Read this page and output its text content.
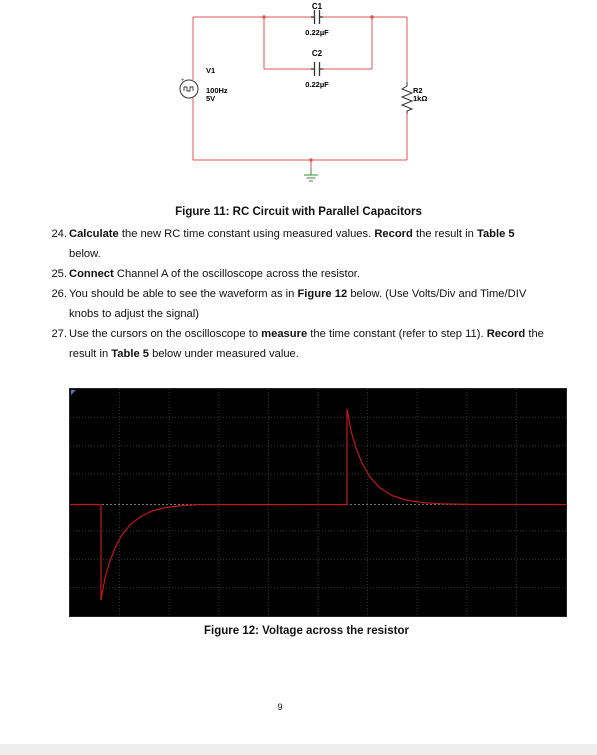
C1
0.22µF
C2
0.22µF
+
V1
100Hz
5V
R2
1kΩ
Figure 11: RC Circuit with Parallel Capacitors
24. Calculate the new RC time constant using measured values. Record the result in Table 5 below.
25. Connect Channel A of the oscilloscope across the resistor.
26. You should be able to see the waveform as in Figure 12 below. (Use Volts/Div and Time/DIV knobs to adjust the signal)
27. Use the cursors on the oscilloscope to measure the time constant (refer to step 11). Record the result in Table 5 below under measured value.
Figure 12: Voltage across the resistor
9
